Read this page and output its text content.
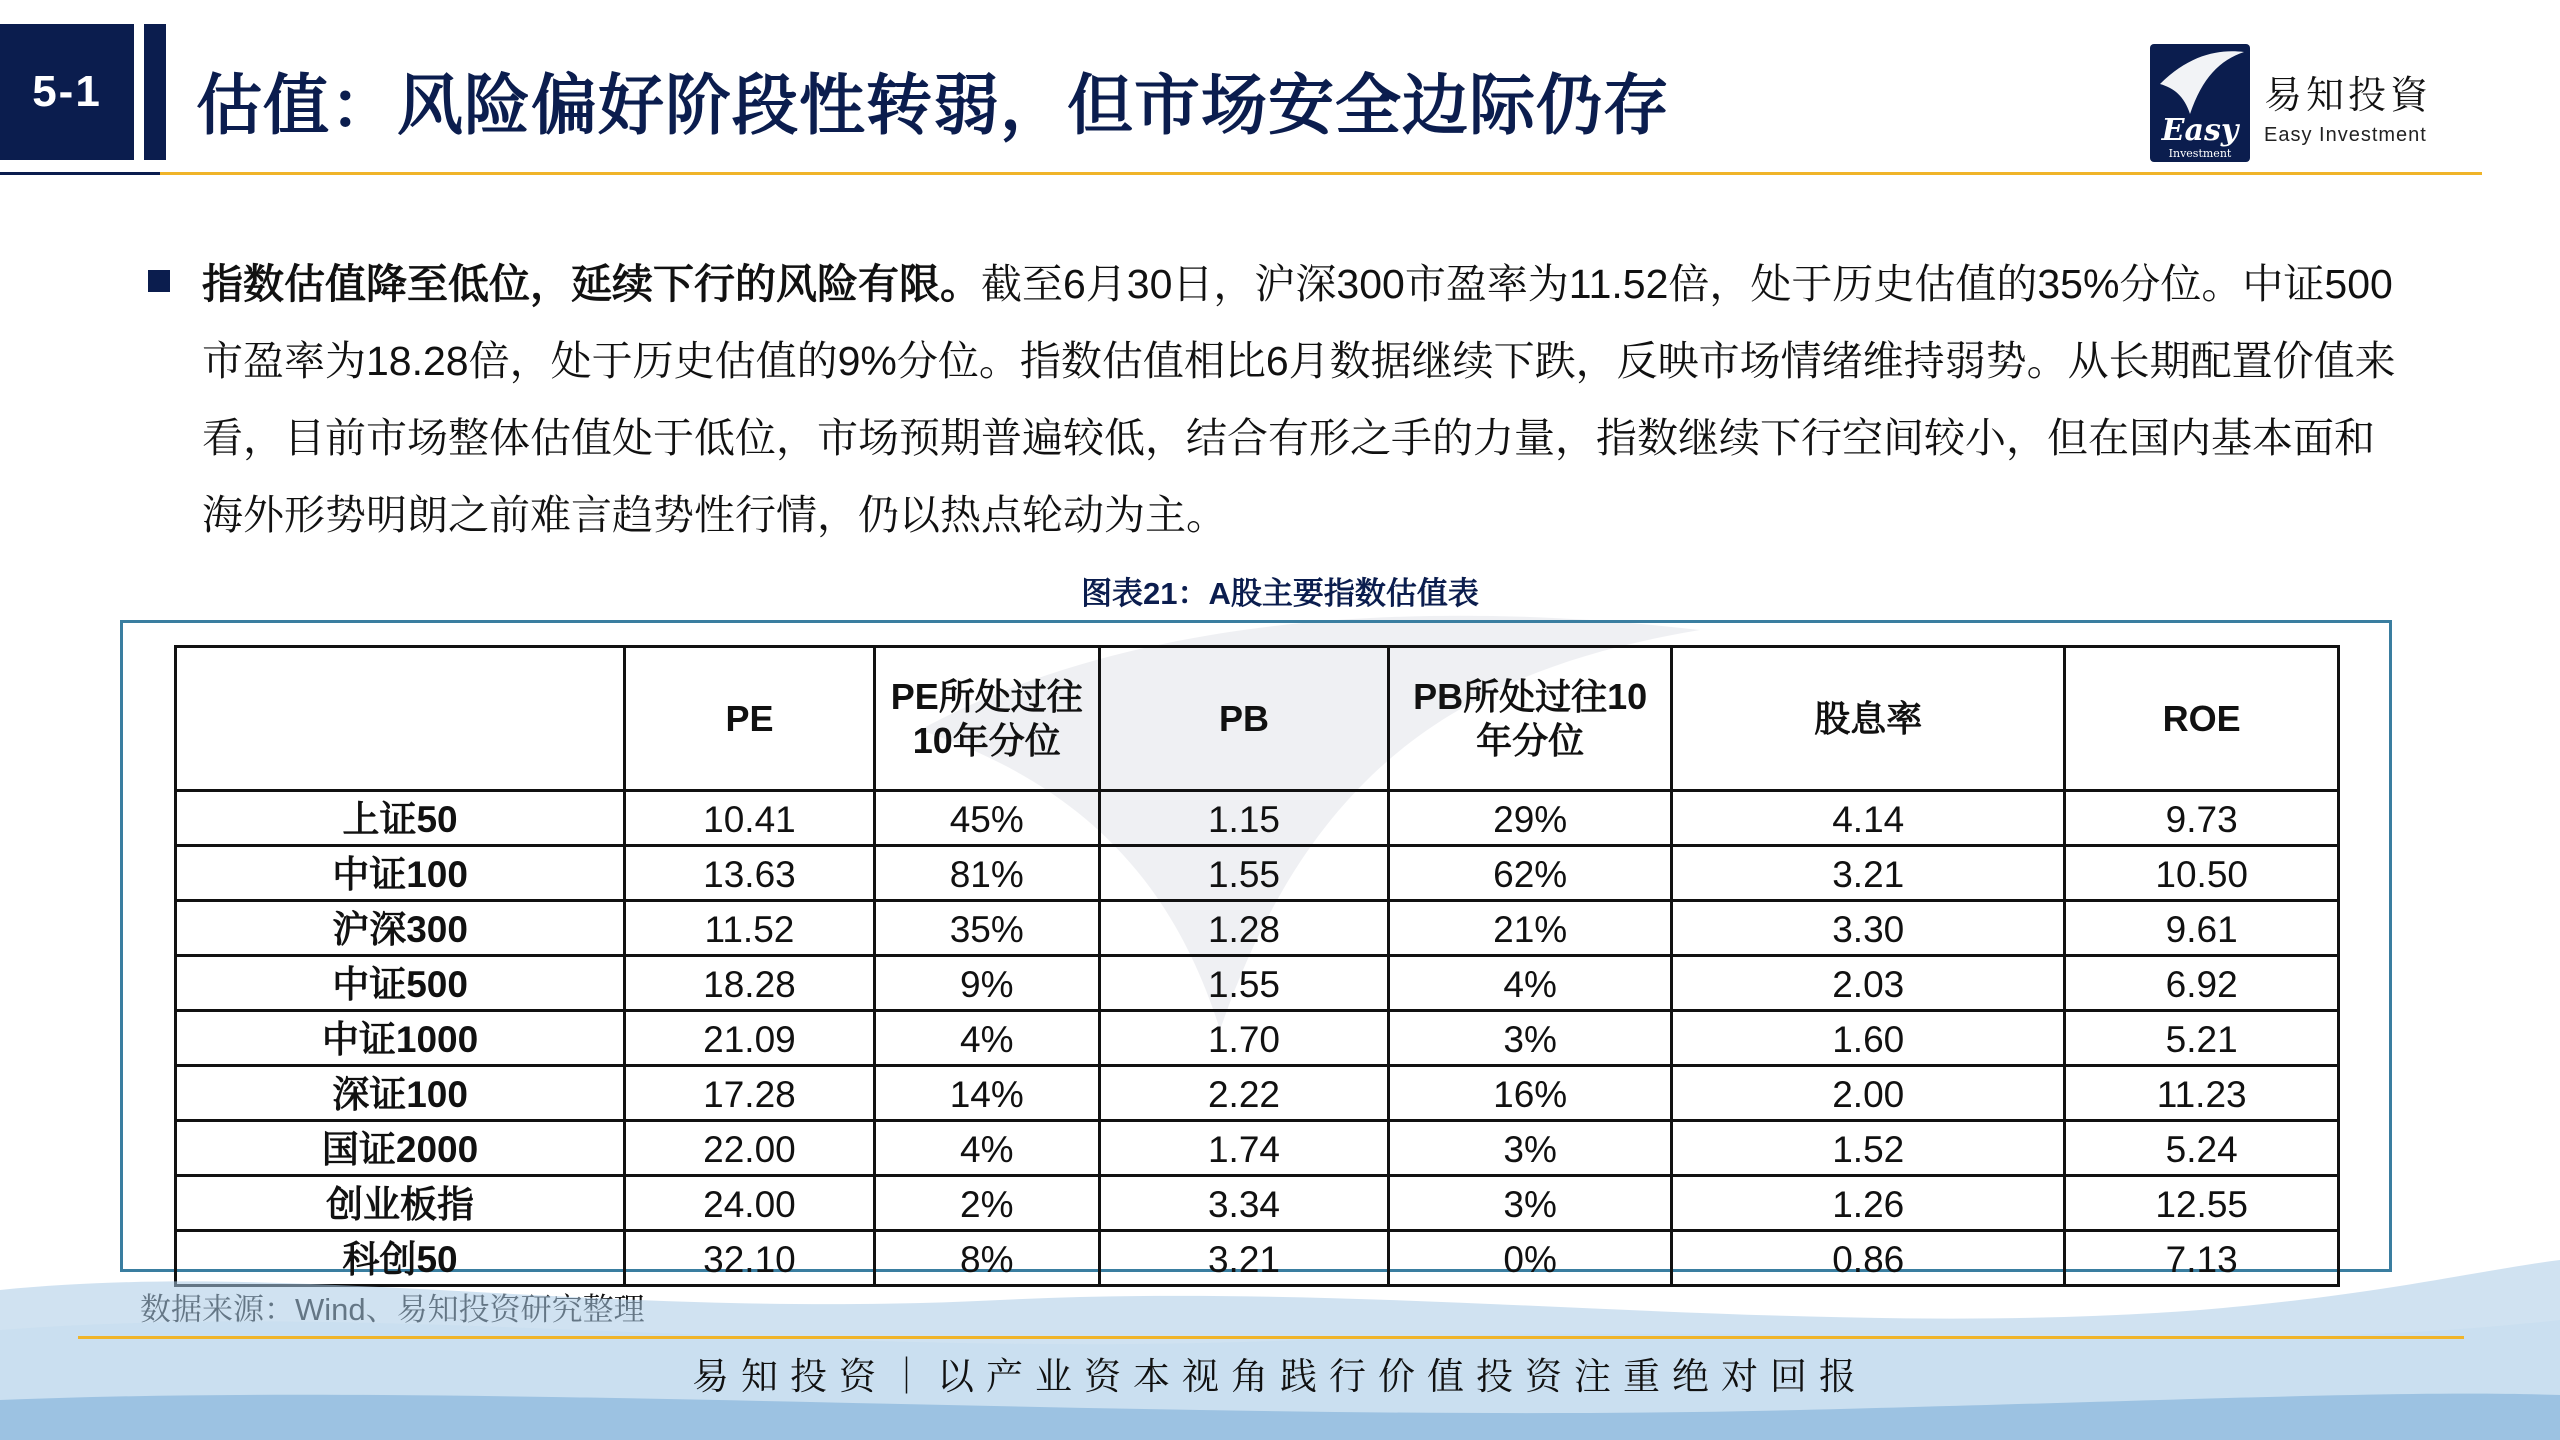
5-1	估值：风险偏好阶段性转弱，但市场安全边际仍存	Easy
Investment
易知投資
Easy Investment

指数估值降至低位，延续下行的风险有限。截至6月30日，沪深300市盈率为11.52倍，处于历史估值的35%分位。中证500市盈率为18.28倍，处于历史估值的9%分位。指数估值相比6月数据继续下跌，反映市场情绪维持弱势。从长期配置价值来看，目前市场整体估值处于低位，市场预期普遍较低，结合有形之手的力量，指数继续下行空间较小，但在国内基本面和海外形势明朗之前难言趋势性行情，仍以热点轮动为主。

图表21：A股主要指数估值表
	PE	PE所处过往10年分位	PB	PB所处过往10年分位	股息率	ROE
上证50	10.41	45%	1.15	29%	4.14	9.73
中证100	13.63	81%	1.55	62%	3.21	10.50
沪深300	11.52	35%	1.28	21%	3.30	9.61
中证500	18.28	9%	1.55	4%	2.03	6.92
中证1000	21.09	4%	1.70	3%	1.60	5.21
深证100	17.28	14%	2.22	16%	2.00	11.23
国证2000	22.00	4%	1.74	3%	1.52	5.24
创业板指	24.00	2%	3.34	3%	1.26	12.55
科创50	32.10	8%	3.21	0%	0.86	7.13
易知投资｜以产业资本视角践行价值投资注重绝对回报
